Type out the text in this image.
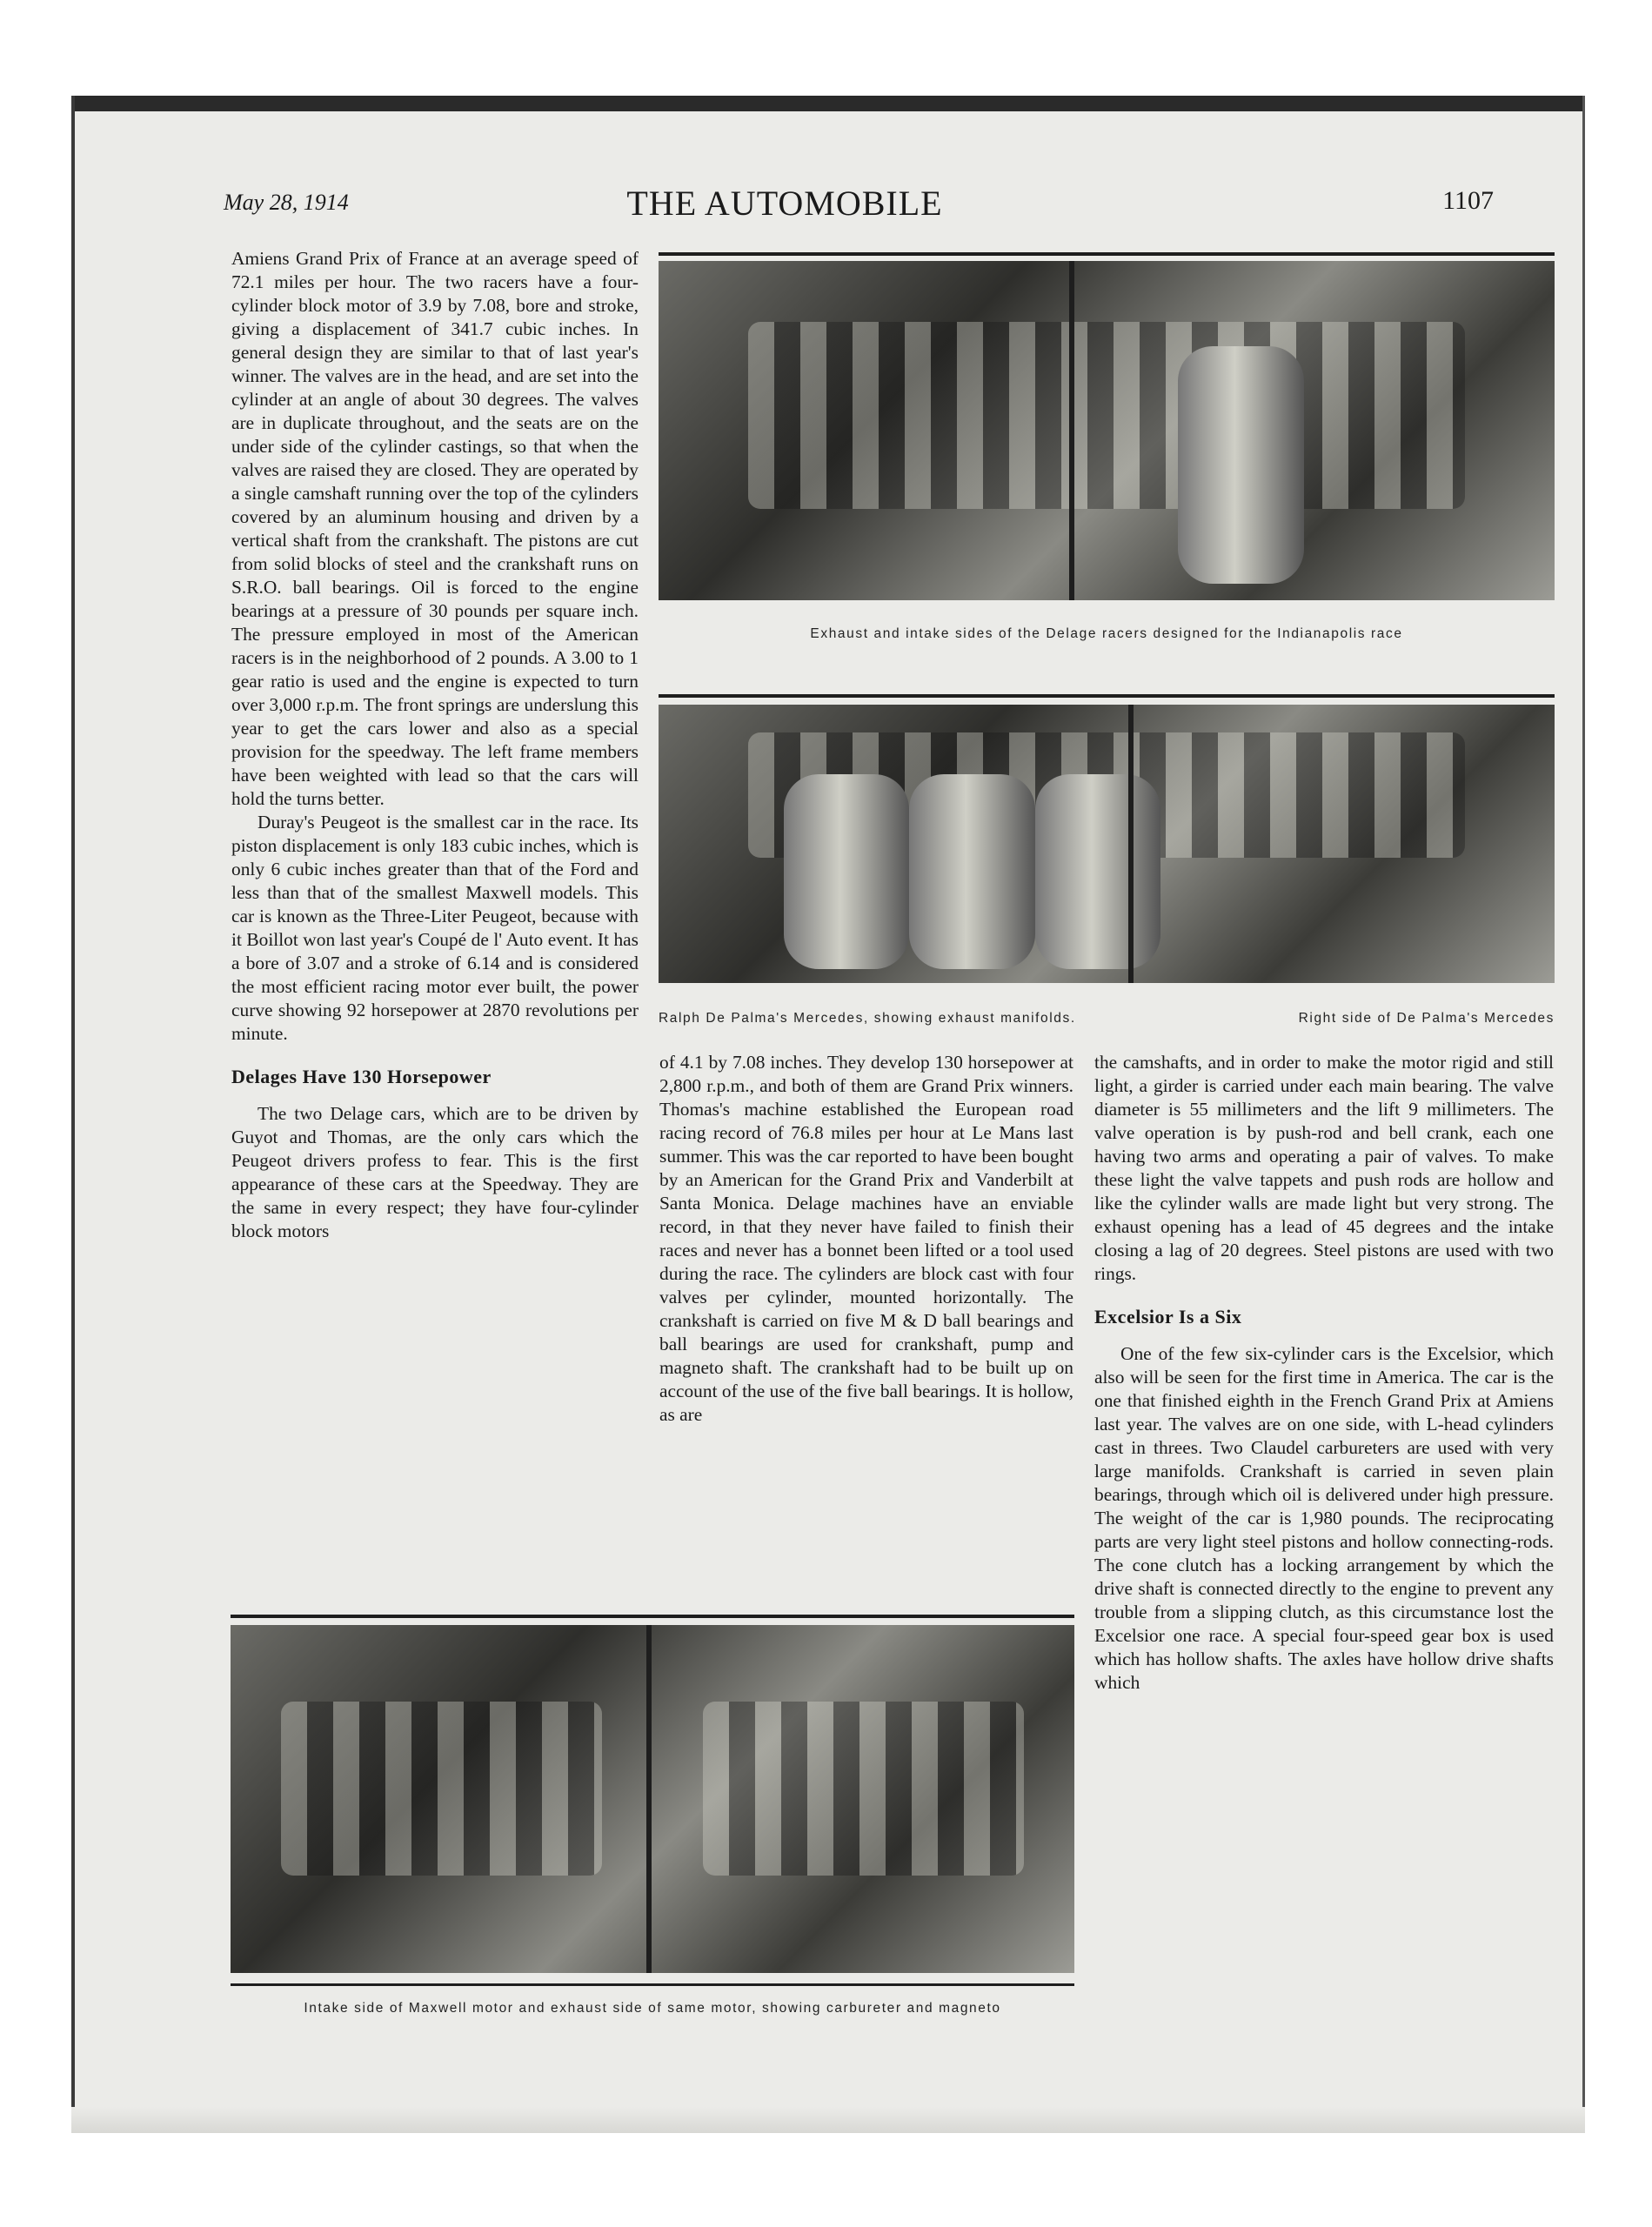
May 28, 1914	THE AUTOMOBILE	1107

Amiens Grand Prix of France at an average speed of 72.1 miles per hour. The two racers have a four-cylinder block motor of 3.9 by 7.08, bore and stroke, giving a displacement of 341.7 cubic inches. In general design they are similar to that of last year's winner. The valves are in the head, and are set into the cylinder at an angle of about 30 degrees. The valves are in duplicate throughout, and the seats are on the under side of the cylinder castings, so that when the valves are raised they are closed. They are operated by a single camshaft running over the top of the cylinders covered by an aluminum housing and driven by a vertical shaft from the crankshaft. The pistons are cut from solid blocks of steel and the crankshaft runs on S.R.O. ball bearings. Oil is forced to the engine bearings at a pressure of 30 pounds per square inch. The pressure employed in most of the American racers is in the neighborhood of 2 pounds. A 3.00 to 1 gear ratio is used and the engine is expected to turn over 3,000 r.p.m. The front springs are underslung this year to get the cars lower and also as a special provision for the speedway. The left frame members have been weighted with lead so that the cars will hold the turns better.

Duray's Peugeot is the smallest car in the race. Its piston displacement is only 183 cubic inches, which is only 6 cubic inches greater than that of the Ford and less than that of the smallest Maxwell models. This car is known as the Three-Liter Peugeot, because with it Boillot won last year's Coupé de l' Auto event. It has a bore of 3.07 and a stroke of 6.14 and is considered the most efficient racing motor ever built, the power curve showing 92 horsepower at 2870 revolutions per minute.

Delages Have 130 Horsepower

The two Delage cars, which are to be driven by Guyot and Thomas, are the only cars which the Peugeot drivers profess to fear. This is the first appearance of these cars at the Speedway. They are the same in every respect; they have four-cylinder block motors

Exhaust and intake sides of the Delage racers designed for the Indianapolis race
Ralph De Palma's Mercedes, showing exhaust manifolds.	Right side of De Palma's Mercedes

of 4.1 by 7.08 inches. They develop 130 horsepower at 2,800 r.p.m., and both of them are Grand Prix winners. Thomas's machine established the European road racing record of 76.8 miles per hour at Le Mans last summer. This was the car reported to have been bought by an American for the Grand Prix and Vanderbilt at Santa Monica. Delage machines have an enviable record, in that they never have failed to finish their races and never has a bonnet been lifted or a tool used during the race. The cylinders are block cast with four valves per cylinder, mounted horizontally. The crankshaft is carried on five M & D ball bearings and ball bearings are used for crankshaft, pump and magneto shaft. The crankshaft had to be built up on account of the use of the five ball bearings. It is hollow, as are

the camshafts, and in order to make the motor rigid and still light, a girder is carried under each main bearing. The valve diameter is 55 millimeters and the lift 9 millimeters. The valve operation is by push-rod and bell crank, each one having two arms and operating a pair of valves. To make these light the valve tappets and push rods are hollow and like the cylinder walls are made light but very strong. The exhaust opening has a lead of 45 degrees and the intake closing a lag of 20 degrees. Steel pistons are used with two rings.

Excelsior Is a Six

One of the few six-cylinder cars is the Excelsior, which also will be seen for the first time in America. The car is the one that finished eighth in the French Grand Prix at Amiens last year. The valves are on one side, with L-head cylinders cast in threes. Two Claudel carbureters are used with very large manifolds. Crankshaft is carried in seven plain bearings, through which oil is delivered under high pressure. The weight of the car is 1,980 pounds. The reciprocating parts are very light steel pistons and hollow connecting-rods. The cone clutch has a locking arrangement by which the drive shaft is connected directly to the engine to prevent any trouble from a slipping clutch, as this circumstance lost the Excelsior one race. A special four-speed gear box is used which has hollow shafts. The axles have hollow drive shafts which

Intake side of Maxwell motor and exhaust side of same motor, showing carbureter and magneto
